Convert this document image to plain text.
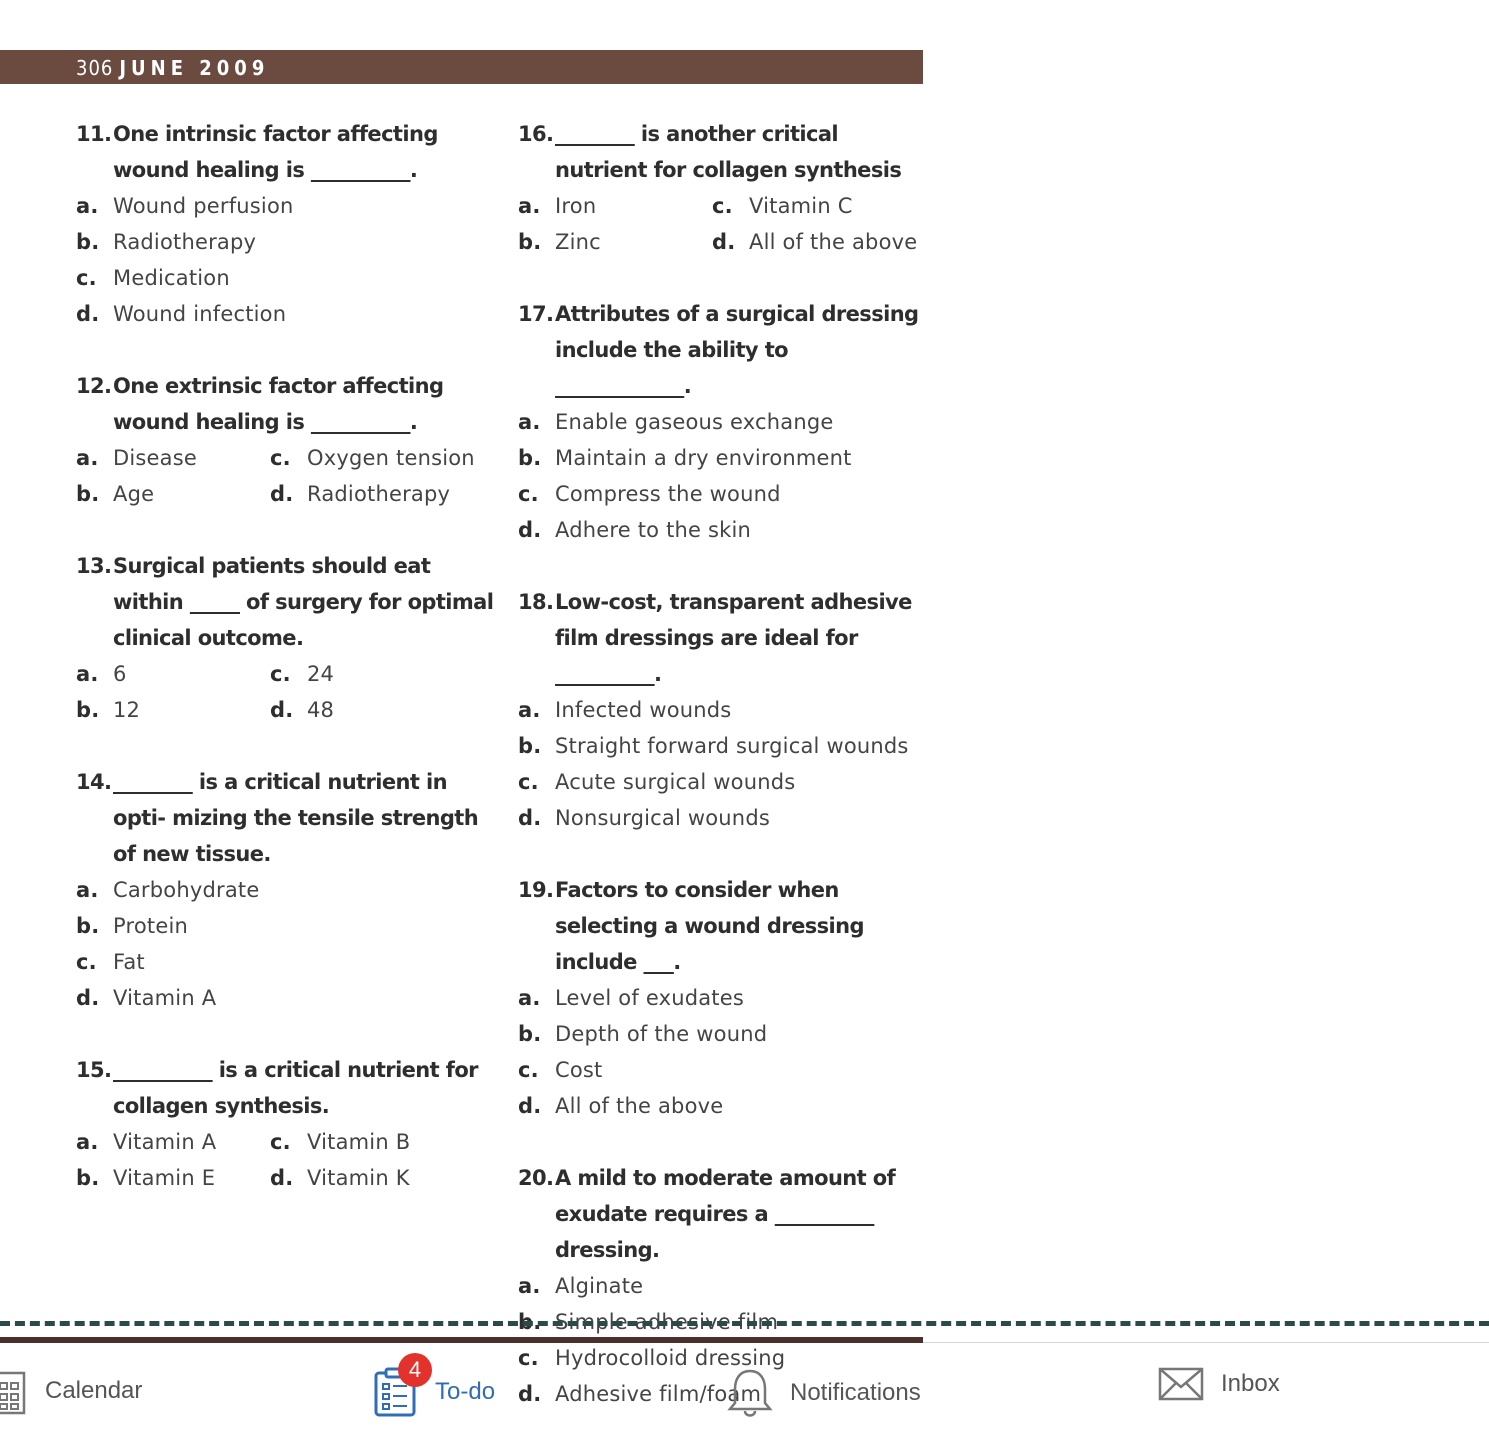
306 JUNE 2009
11. One intrinsic factor affecting wound healing is __________.
a. Wound perfusion
b. Radiotherapy
c. Medication
d. Wound infection
12. One extrinsic factor affecting wound healing is __________.
a. Disease	c. Oxygen tension
b. Age	d. Radiotherapy
13. Surgical patients should eat within _____ of surgery for optimal clinical outcome.
a. 6	c. 24
b. 12	d. 48
14. ________ is a critical nutrient in opti- mizing the tensile strength of new tissue.
a. Carbohydrate
b. Protein
c. Fat
d. Vitamin A
15. __________ is a critical nutrient for collagen synthesis.
a. Vitamin A	c. Vitamin B
b. Vitamin E	d. Vitamin K
16. ________ is another critical nutrient for collagen synthesis
a. Iron	c. Vitamin C
b. Zinc	d. All of the above
17. Attributes of a surgical dressing include the ability to _____________.
a. Enable gaseous exchange
b. Maintain a dry environment
c. Compress the wound
d. Adhere to the skin
18. Low-cost, transparent adhesive film dressings are ideal for __________.
a. Infected wounds
b. Straight forward surgical wounds
c. Acute surgical wounds
d. Nonsurgical wounds
19. Factors to consider when selecting a wound dressing include ___.
a. Level of exudates
b. Depth of the wound
c. Cost
d. All of the above
20. A mild to moderate amount of exudate requires a __________ dressing.
a. Alginate
b. Simple adhesive film
c. Hydrocolloid dressing
d. Adhesive film/foam
Calendar	To-do	Notifications	Inbox
4
